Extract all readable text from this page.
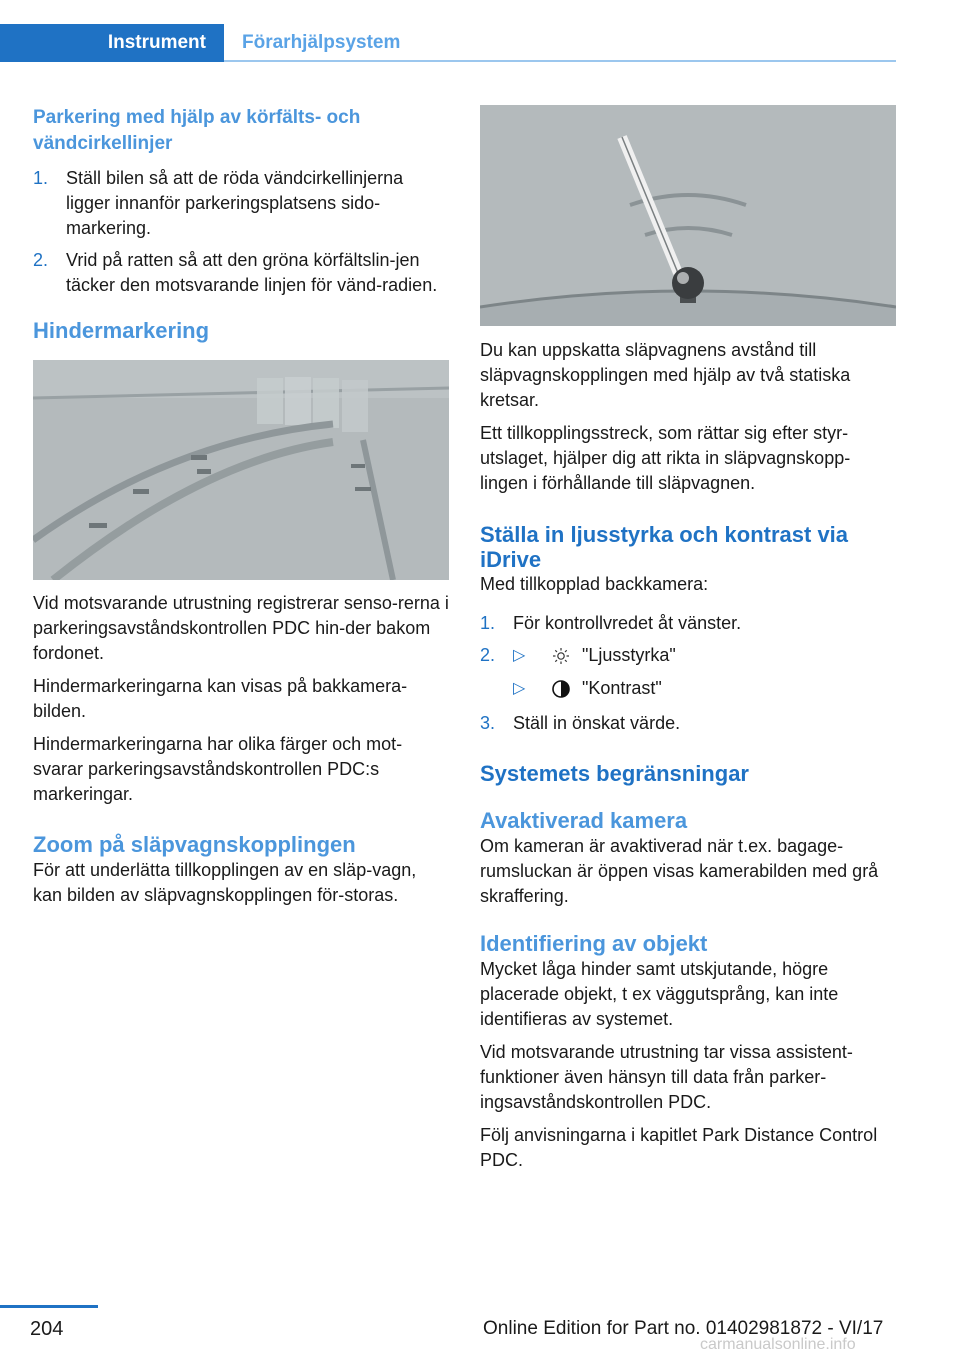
Instrument	Förarhjälpsystem
Parkering med hjälp av körfälts- och vändcirkellinjer
1. Ställ bilen så att de röda vändcirkellinjerna ligger innanför parkeringsplatsens sido‐markering.
2. Vrid på ratten så att den gröna körfältslin‐jen täcker den motsvarande linjen för vänd‐radien.
Hindermarkering

Vid motsvarande utrustning registrerar senso‐rerna i parkeringsavståndskontrollen PDC hin‐der bakom fordonet.

Hindermarkeringarna kan visas på bakkamera‐bilden.

Hindermarkeringarna har olika färger och mot‐svarar parkeringsavståndskontrollen PDC:s markeringar.

Zoom på släpvagnskopplingen

För att underlätta tillkopplingen av en släp‐vagn, kan bilden av släpvagnskopplingen för‐storas.

Du kan uppskatta släpvagnens avstånd till släpvagnskopplingen med hjälp av två statiska kretsar.

Ett tillkopplingsstreck, som rättar sig efter styr‐utslaget, hjälper dig att rikta in släpvagnskopp‐lingen i förhållande till släpvagnen.

Ställa in ljusstyrka och kontrast via iDrive

Med tillkopplad backkamera:

1. För kontrollvredet åt vänster.
2.	▷	"Ljusstyrka"
▷	"Kontrast"
3. Ställ in önskat värde.
Systemets begränsningar
Avaktiverad kamera

Om kameran är avaktiverad när t.ex. bagage‐rumsluckan är öppen visas kamerabilden med grå skraffering.

Identifiering av objekt

Mycket låga hinder samt utskjutande, högre placerade objekt, t ex väggutsprång, kan inte identifieras av systemet.

Vid motsvarande utrustning tar vissa assistent‐funktioner även hänsyn till data från parker‐ingsavståndskontrollen PDC.

Följ anvisningarna i kapitlet Park Distance Control PDC.

204	Online Edition for Part no. 01402981872 - VI/17
carmanualsonline.info
